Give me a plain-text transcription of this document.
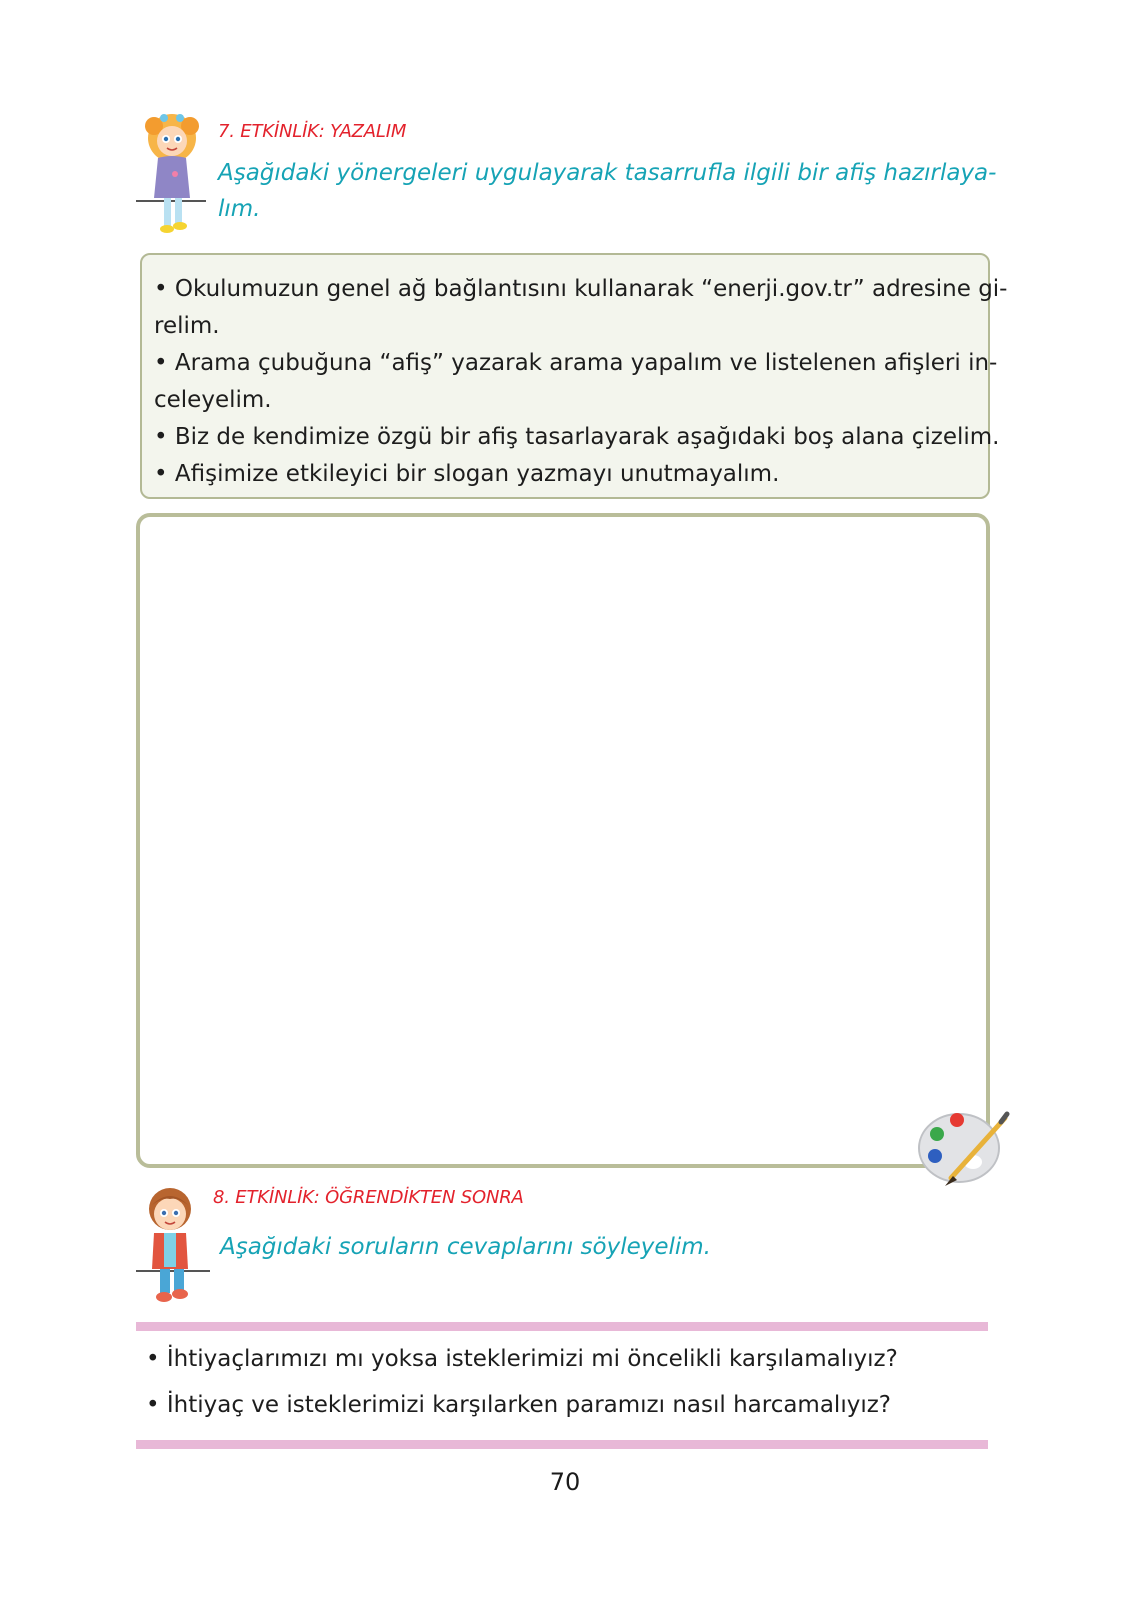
7. ETKİNLİK: YAZALIM
Aşağıdaki yönergeleri uygulayarak tasarrufla ilgili bir afiş hazırlaya-
lım.
• Okulumuzun genel ağ bağlantısını kullanarak “enerji.gov.tr” adresine gi-
relim.
• Arama çubuğuna “afiş” yazarak arama yapalım ve listelenen afişleri in-
celeyelim.
• Biz de kendimize özgü bir afiş tasarlayarak aşağıdaki boş alana çizelim.
• Afişimize etkileyici bir slogan yazmayı unutmayalım.
8. ETKİNLİK: ÖĞRENDİKTEN SONRA
Aşağıdaki soruların cevaplarını söyleyelim.
• İhtiyaçlarımızı mı yoksa isteklerimizi mi öncelikli karşılamalıyız?
• İhtiyaç ve isteklerimizi karşılarken paramızı nasıl harcamalıyız?
70
